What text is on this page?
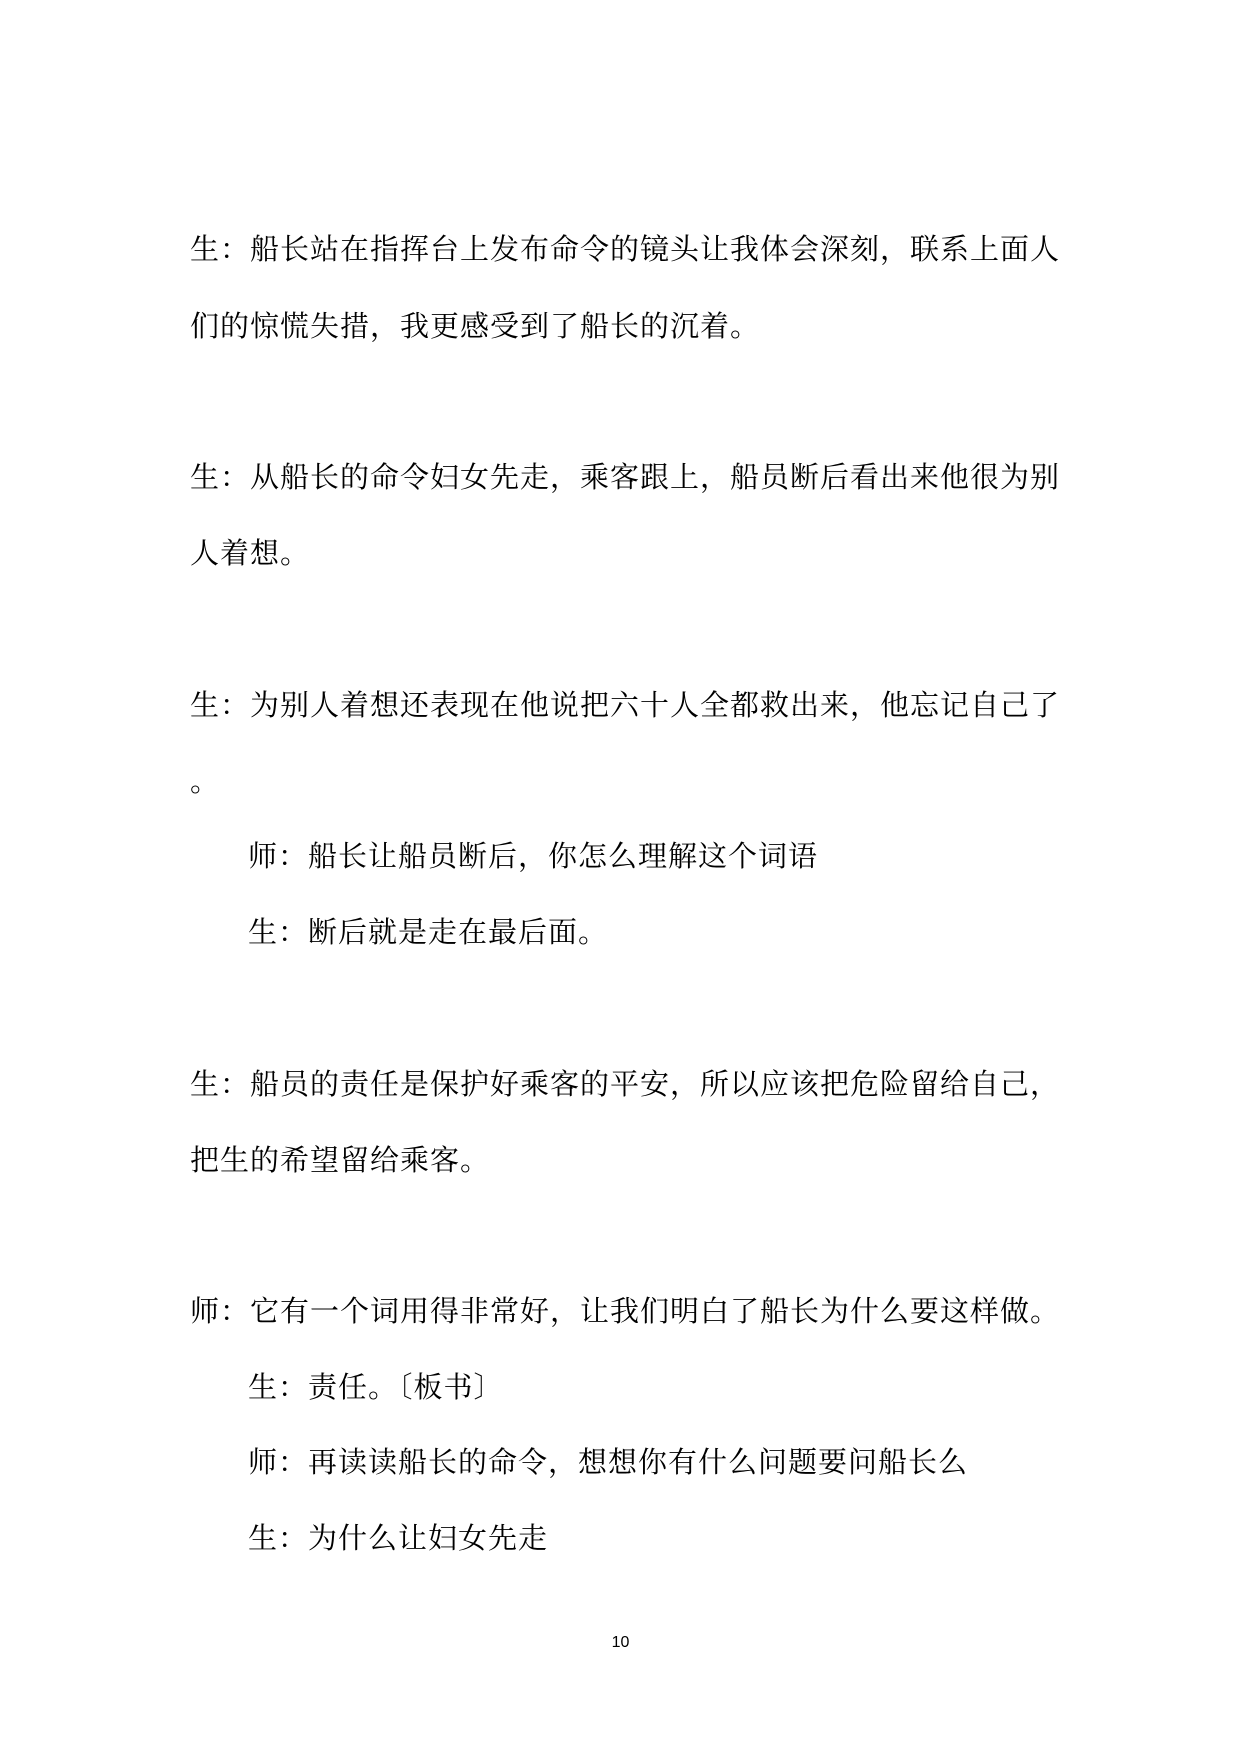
生：船长站在指挥台上发布命令的镜头让我体会深刻，联系上面人
们的惊慌失措，我更感受到了船长的沉着。
生：从船长的命令妇女先走，乘客跟上，船员断后看出来他很为别
人着想。
生：为别人着想还表现在他说把六十人全都救出来，他忘记自己了
。
师：船长让船员断后，你怎么理解这个词语
生：断后就是走在最后面。
生：船员的责任是保护好乘客的平安，所以应该把危险留给自己，
把生的希望留给乘客。
师：它有一个词用得非常好，让我们明白了船长为什么要这样做。
生：责任。〔板书〕
师：再读读船长的命令，想想你有什么问题要问船长么
生：为什么让妇女先走
10
